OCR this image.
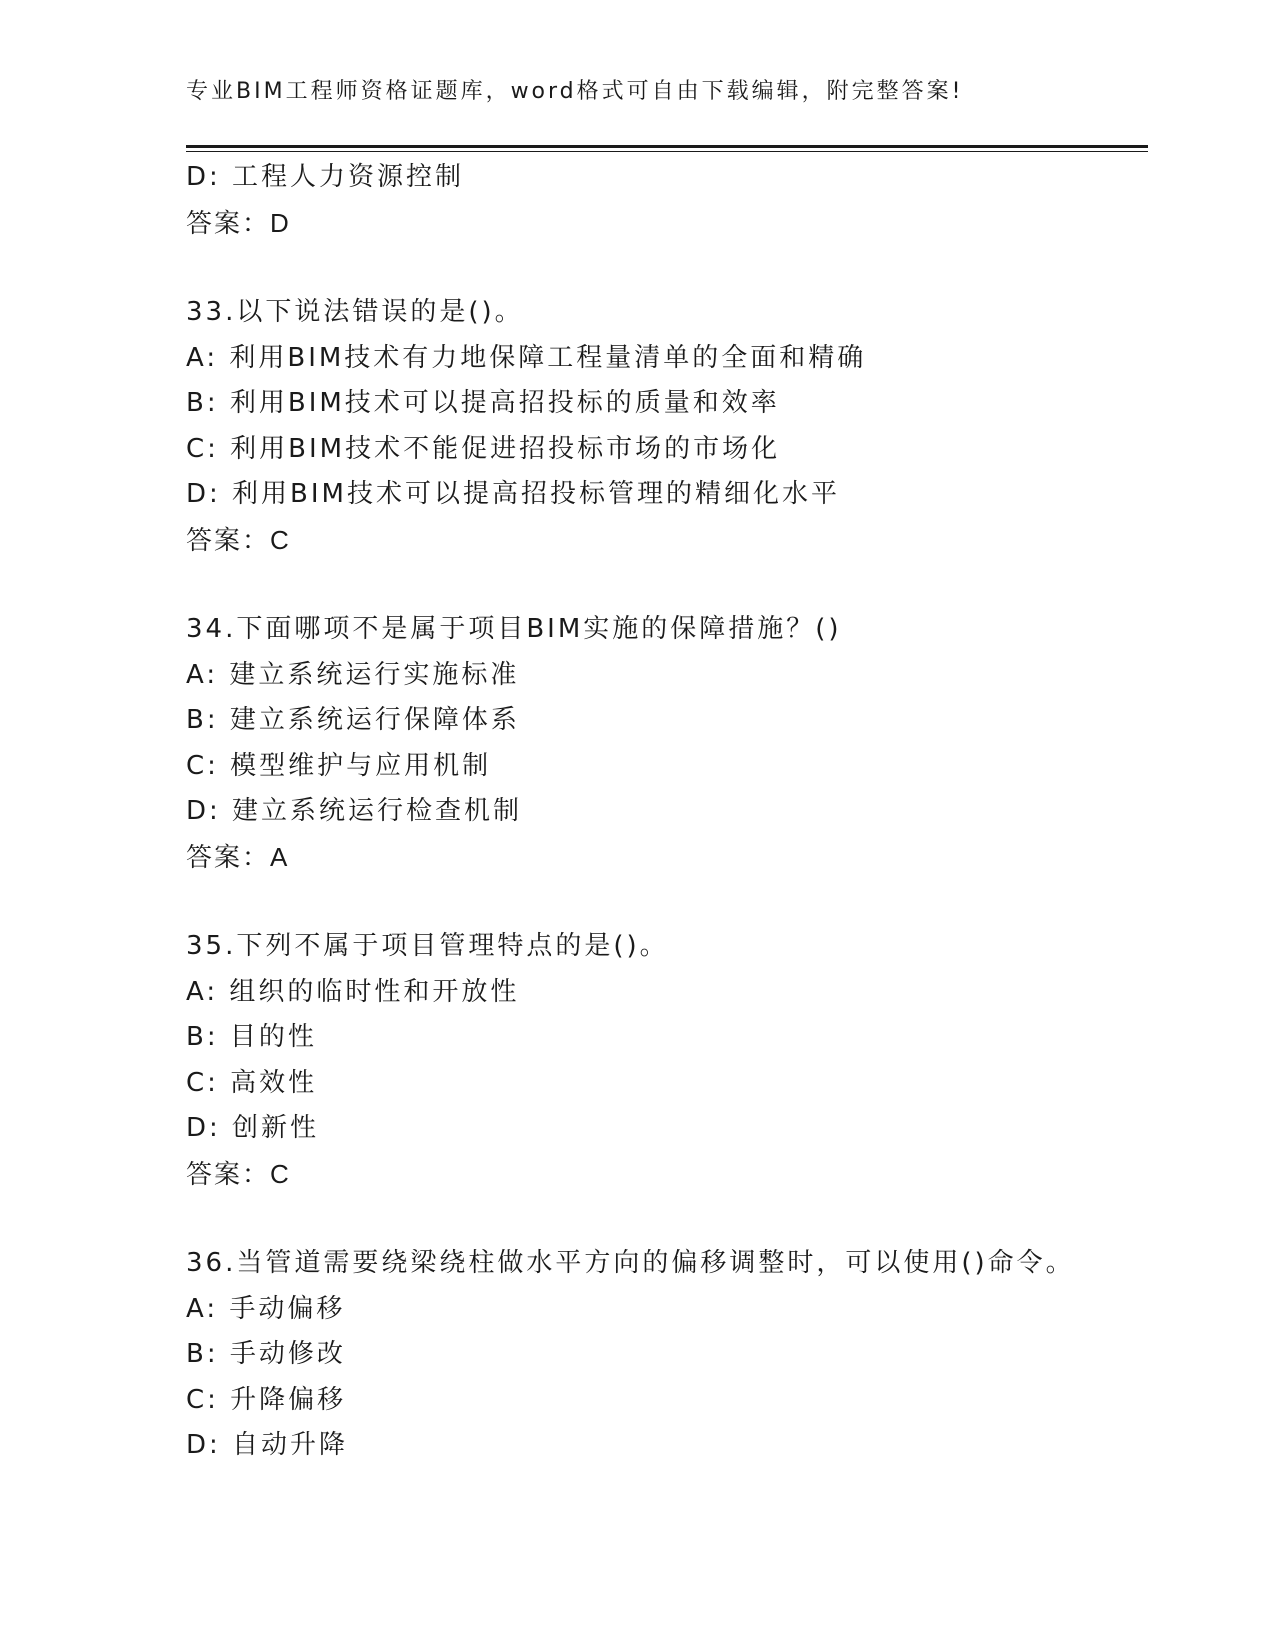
专业BIM工程师资格证题库，word格式可自由下载编辑，附完整答案!
D: 工程人力资源控制
答案：D
33.以下说法错误的是()。
A: 利用BIM技术有力地保障工程量清单的全面和精确
B: 利用BIM技术可以提高招投标的质量和效率
C: 利用BIM技术不能促进招投标市场的市场化
D: 利用BIM技术可以提高招投标管理的精细化水平
答案：C
34.下面哪项不是属于项目BIM实施的保障措施？()
A: 建立系统运行实施标准
B: 建立系统运行保障体系
C: 模型维护与应用机制
D: 建立系统运行检查机制
答案：A
35.下列不属于项目管理特点的是()。
A: 组织的临时性和开放性
B: 目的性
C: 高效性
D: 创新性
答案：C
36.当管道需要绕梁绕柱做水平方向的偏移调整时，可以使用()命令。
A: 手动偏移
B: 手动修改
C: 升降偏移
D: 自动升降
